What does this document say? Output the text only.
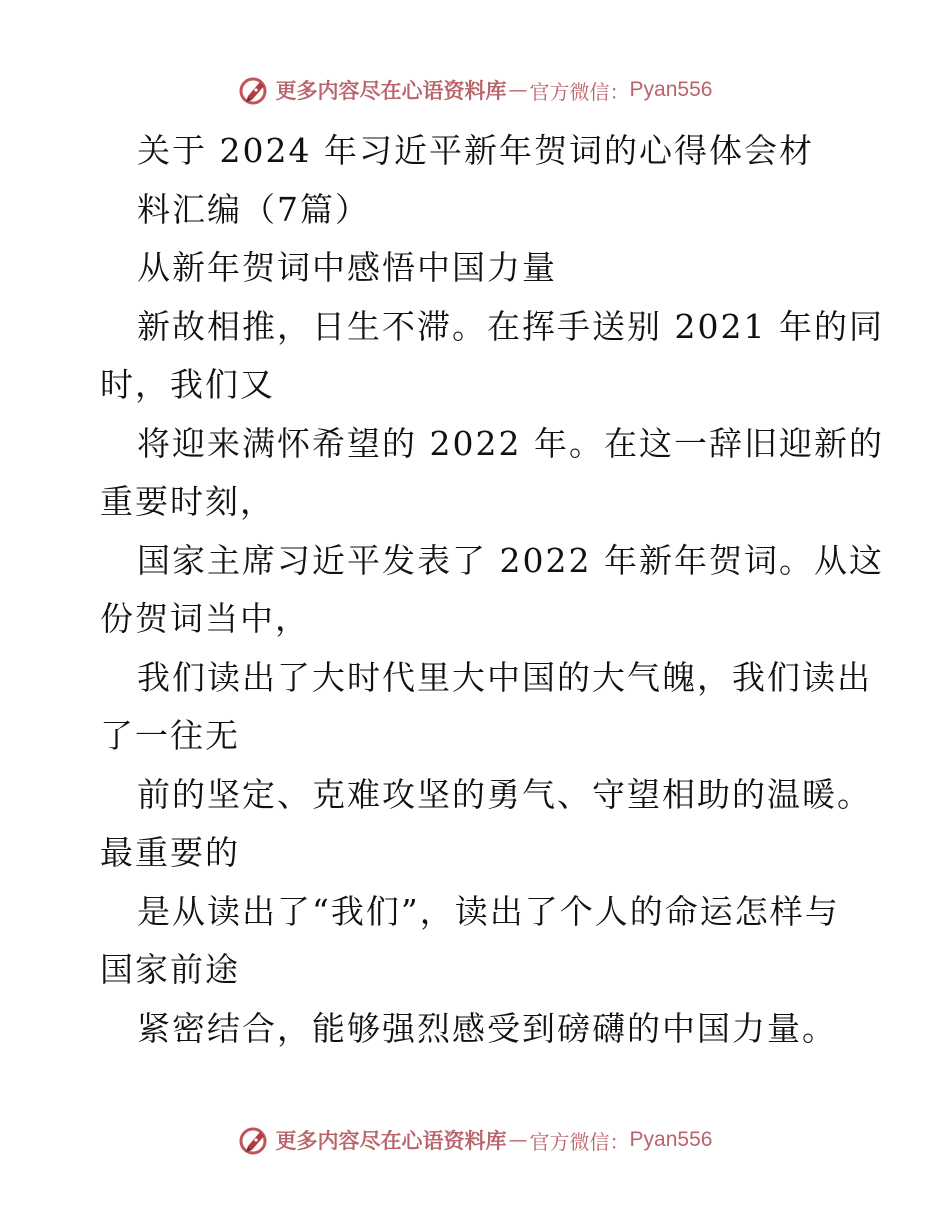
更多内容尽在心语资料库 — 官方微信： Pyan556
关于 2024 年习近平新年贺词的心得体会材
料汇编（7篇）
从新年贺词中感悟中国力量
新故相推，日生不滞。在挥手送别 2021 年的同
时，我们又
将迎来满怀希望的 2022 年。在这一辞旧迎新的
重要时刻，
国家主席习近平发表了 2022 年新年贺词。从这
份贺词当中，
我们读出了大时代里大中国的大气魄，我们读出
了一往无
前的坚定、克难攻坚的勇气、守望相助的温暖。
最重要的
是从读出了“我们”，读出了个人的命运怎样与
国家前途
紧密结合，能够强烈感受到磅礴的中国力量。
更多内容尽在心语资料库 — 官方微信： Pyan556
